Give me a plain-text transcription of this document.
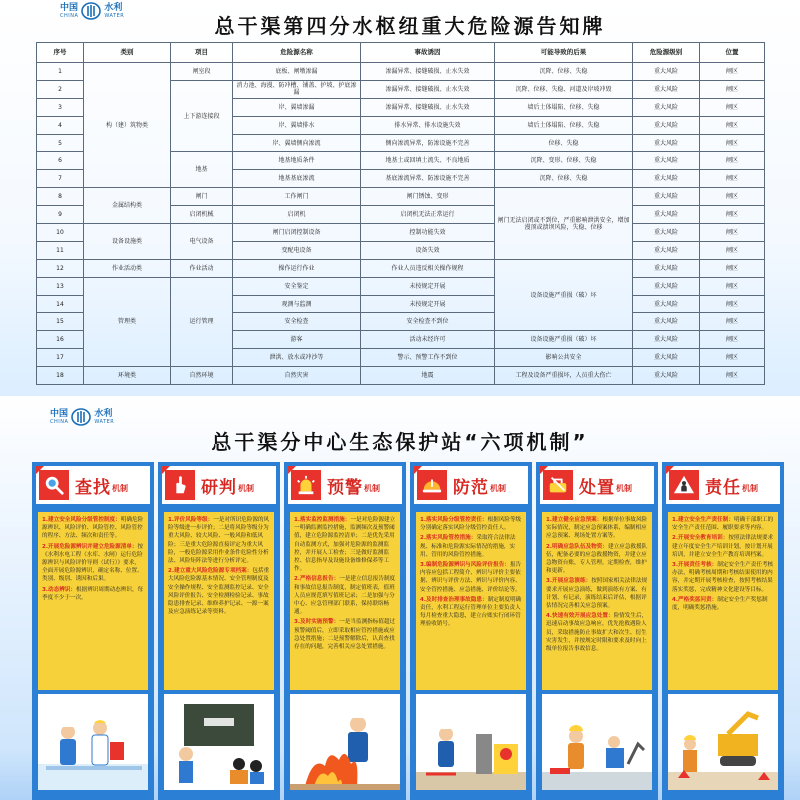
中国
CHINA
水利
WATER	总干渠第四分水枢纽重大危险源告知牌
序号	类别	项目	危险源名称	事故诱因	可能导致的后果	危险源级别	位置
1	构（建）筑物类	闸室段	底板、闸墩渗漏	渗漏异常、接缝破损、止水失效	沉降、位移、失稳	重大风险	闸区
2		上下游连接段	消力池、海漫、防冲槽、铺盖、护坡、护底渗漏	渗漏异常、接缝破损、止水失效	沉降、位移、失稳、河道及岸坡冲毁	重大风险	闸区
3			岸、翼墙渗漏	渗漏异常、接缝破损、止水失效	墙后土体塌陷、位移、失稳	重大风险	闸区
4			岸、翼墙排水	排水异常、排水设施失效	墙后土体塌陷、位移、失稳	重大风险	闸区
5			岸、翼墙侧向渗流	侧向渗流异常，防渗设施不完善	位移、失稳	重大风险	闸区
6		地基	地基地质条件	地基土或回填土流失、不良地质	沉降、变形、位移、失稳	重大风险	闸区
7			地基基底渗流	基底渗流异常、防渗设施不完善	沉降、位移、失稳	重大风险	闸区
8	金属结构类	闸门	工作闸门	闸门锈蚀、变形	闸门无法启闭或不到位，严重影响泄洪安全，增加漫顶或溃坝风险，失稳、位移	重大风险	闸区
9		启闭机械	启闭机	启闭机无法正常运行		重大风险	闸区
10	设备设施类	电气设备	闸门启闭控制设备	控制功能失效		重大风险	闸区
11			变配电设备	设备失效		重大风险	闸区
12	作业活动类	作业活动	操作运行作业	作业人员违反相关操作规程	设备设施严重损（破）坏	重大风险	闸区
13	管理类	运行管理	安全鉴定	未按规定开展		重大风险	闸区
14			观测与监测	未按规定开展		重大风险	闸区
15			安全检查	安全检查不到位		重大风险	闸区
16			游客	活动未经许可	设备设施严重损（破）坏	重大风险	闸区
17			泄洪、放水或冲沙等	警示、预警工作不到位	影响公共安全	重大风险	闸区
18	环境类	自然环境	自然灾害	地震	工程及设备严重损坏，人员重大伤亡	重大风险	闸区
中国
CHINA
水利
WATER
总干渠分中心生态保护站“六项机制”
查找 机制

1.建立安全风险分级管控制度：明确危险源辨识、风险评价、风险管控、风险管控的程序、方法、频次和责任等。

2.开展危险源辨识并建立危险源清单：按《水利水电工程（水库、水闸）运行危险源辨识与风险评价导则（试行）》要求，全面开展危险源辨识，确定名称、位置、类别、级别、诱因和后果。

3.动态辨识：根据辨识周期动态辨识，每季度不少于一次。

研判 机制

1.评价风险等级：一是对所识危险源的风险等级进一步评价；二是将风险等级分为重大风险、较大风险、一般风险和低风险；三是重大危险源直接评定为重大风险，一般危险源采用作业条件危险性分析法、风险矩阵法等进行分析评定。

2.建立重大风险危险源专项档案：包括重大风险危险源基本情况、安全管理制度及安全操作规程、安全监测监控记录、安全风险评价报告、安全检测检验记录、事故隐患排查记录、维修养护记录、一源一案及应急演练记录等资料。

预警 机制

1.落实监控监测措施：一是对危险源建立一明确监测监控措施，监测频次及预警阈值，建立危险源监控清单；二是优先采用自动监测方式，加强对危险源的监测监控，并开展人工检查；三是做好监测监控、信息指导及设施设备维修保养等工作。

2.严格信息报告：一是建立信息报告制度和事故信息报告制度，制定值班表，值班人员应规范填写值班记录；二是加强与分中心、应急管理部门联系，保持联络畅通。

3.及时实施预警：一是当监测指标值超过预警阈值后，立即采取相应管控措施或应急处置措施；二是预警解除后，认真查找存在的问题，完善相关应急处置措施。

防范 机制

1.落实风险分级管控责任：根据风险等级分别确定落实风险分级管控责任人。

2.落实风险管控措施：采取符合法律法规、标准和危险源实际情况的措施，实用、管用的风险管控措施。

3.编制危险源辨识与风险评价报告：报告内容应包括工程简介、辨识与评价主要依据、辨识与评价方法、辨识与评价内容、安全管控措施、应急措施、评价结论等。

4.及时排查治理事故隐患：制定制度明确责任，水利工程运行管理单位主要负责人每月检查重大隐患，建立台账实行闭环管理验收销号。

处置 机制

1.建立健全应急预案：根据单位事故风险实际情况，制定应急预案体系，编制相应应急预案、现场处置方案等。

2.明确应急队伍及物资：建立应急救援队伍，配备必要的应急救援物资，并建立应急物资台账，专人管理，定期检查，维护和更新。

3.开展应急演练：按照国家相关法律法规要求开展应急演练，做到演练有方案、有计划、有记录，演练结束后评估，根据评估情况完善相关应急预案。

4.快速有效开展应急处置：险情发生后，迅速启动事故应急响应，优先抢救遇险人员，采取措施防止事故扩大和次生、衍生灾害发生，并按规定时限和要求及时向上级单位报告事故信息。

责任 机制

1.建立安全生产责任制：明确干部职工的安全生产责任范围、履职要求等内容。

2.开展安全教育培训：按照法律法规要求建立年度安全生产培训计划，按计划开展培训，并建立安全生产教育培训档案。

3.开展责任考核：制定安全生产责任考核办法，明确考核周期和考核结果使用的内容，并定期开展考核检查，按照考核结果落实奖惩，完成精神文化建设等目标。

4.严格奖惩问责：制定安全生产奖惩制度，明确奖惩措施。
